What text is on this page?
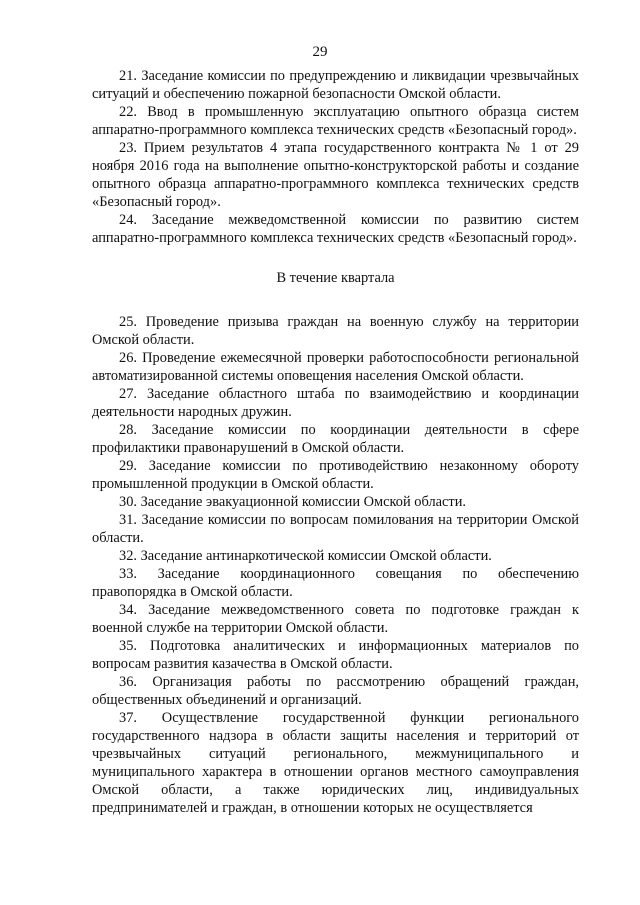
29

21. Заседание комиссии по предупреждению и ликвидации чрезвычайных ситуаций и обеспечению пожарной безопасности Омской области.

22. Ввод в промышленную эксплуатацию опытного образца систем аппаратно-программного комплекса технических средств «Безопасный город».

23. Прием результатов 4 этапа государственного контракта № 1 от 29 ноября 2016 года на выполнение опытно-конструкторской работы и создание опытного образца аппаратно-программного комплекса технических средств «Безопасный город».

24. Заседание межведомственной комиссии по развитию систем аппаратно-программного комплекса технических средств «Безопасный город».

В течение квартала

25. Проведение призыва граждан на военную службу на территории Омской области.

26. Проведение ежемесячной проверки работоспособности региональной автоматизированной системы оповещения населения Омской области.

27. Заседание областного штаба по взаимодействию и координации деятельности народных дружин.

28. Заседание комиссии по координации деятельности в сфере профилактики правонарушений в Омской области.

29. Заседание комиссии по противодействию незаконному обороту промышленной продукции в Омской области.

30. Заседание эвакуационной комиссии Омской области.

31. Заседание комиссии по вопросам помилования на территории Омской области.

32. Заседание антинаркотической комиссии Омской области.

33. Заседание координационного совещания по обеспечению правопорядка в Омской области.

34. Заседание межведомственного совета по подготовке граждан к военной службе на территории Омской области.

35. Подготовка аналитических и информационных материалов по вопросам развития казачества в Омской области.

36. Организация работы по рассмотрению обращений граждан, общественных объединений и организаций.

37. Осуществление государственной функции регионального государственного надзора в области защиты населения и территорий от чрезвычайных ситуаций регионального, межмуниципального и муниципального характера в отношении органов местного самоуправления Омской области, а также юридических лиц, индивидуальных предпринимателей и граждан, в отношении которых не осуществляется
